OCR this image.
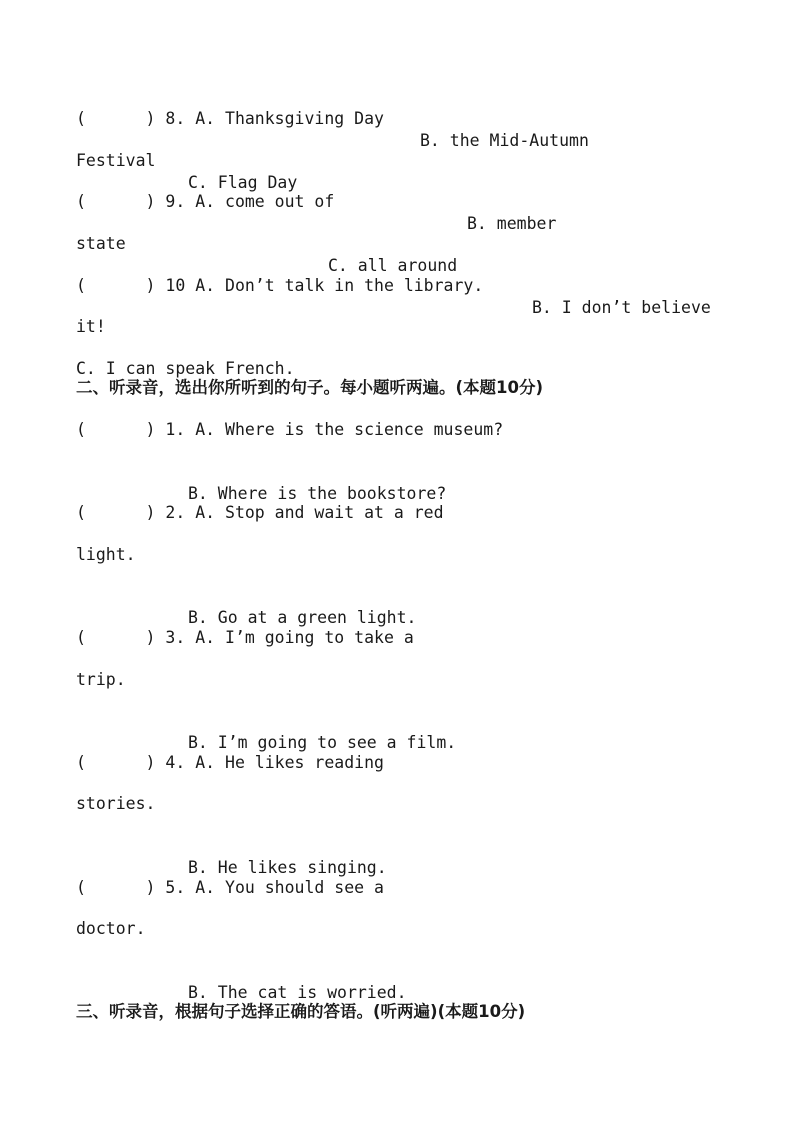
(      ) 8. A. Thanksgiving Day

B. the Mid-Autumn

Festival

C. Flag Day

(      ) 9. A. come out of

B. member

state

C. all around

(      ) 10 A. Don’t talk in the library.

B. I don’t believe

it!

C. I can speak French.

二、听录音，选出你所听到的句子。每小题听两遍。(本题10分)
(      ) 1. A. Where is the science museum?

B. Where is the bookstore?

(      ) 2. A. Stop and wait at a red
light.

B. Go at a green light.

(      ) 3. A. I’m going to take a
trip.

B. I’m going to see a film.

(      ) 4. A. He likes reading
stories.

B. He likes singing.

(      ) 5. A. You should see a
doctor.

B. The cat is worried.

三、听录音，根据句子选择正确的答语。(听两遍)(本题10分)
